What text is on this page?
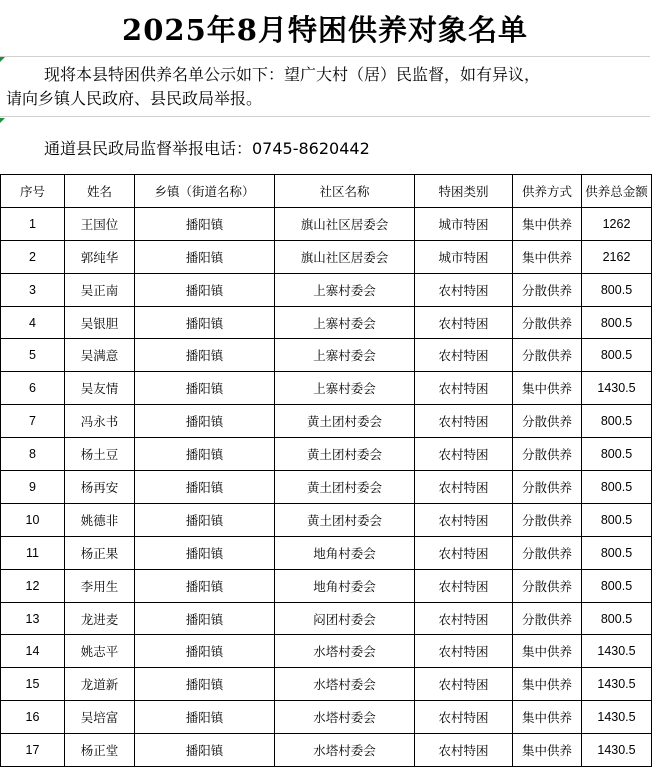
2025年8月特困供养对象名单
现将本县特困供养名单公示如下：望广大村（居）民监督，如有异议，
请向乡镇人民政府、县民政局举报。
通道县民政局监督举报电话：0745-8620442
序号	姓名	乡镇（街道名称）	社区名称	特困类别	供养方式	供养总金额
1	王国位	播阳镇	旗山社区居委会	城市特困	集中供养	1262
2	郭纯华	播阳镇	旗山社区居委会	城市特困	集中供养	2162
3	吴正南	播阳镇	上寨村委会	农村特困	分散供养	800.5
4	吴银胆	播阳镇	上寨村委会	农村特困	分散供养	800.5
5	吴满意	播阳镇	上寨村委会	农村特困	分散供养	800.5
6	吴友情	播阳镇	上寨村委会	农村特困	集中供养	1430.5
7	冯永书	播阳镇	黄土团村委会	农村特困	分散供养	800.5
8	杨土豆	播阳镇	黄土团村委会	农村特困	分散供养	800.5
9	杨再安	播阳镇	黄土团村委会	农村特困	分散供养	800.5
10	姚德非	播阳镇	黄土团村委会	农村特困	分散供养	800.5
11	杨正果	播阳镇	地角村委会	农村特困	分散供养	800.5
12	李用生	播阳镇	地角村委会	农村特困	分散供养	800.5
13	龙进麦	播阳镇	闷团村委会	农村特困	分散供养	800.5
14	姚志平	播阳镇	水塔村委会	农村特困	集中供养	1430.5
15	龙道新	播阳镇	水塔村委会	农村特困	集中供养	1430.5
16	吴培富	播阳镇	水塔村委会	农村特困	集中供养	1430.5
17	杨正堂	播阳镇	水塔村委会	农村特困	集中供养	1430.5
